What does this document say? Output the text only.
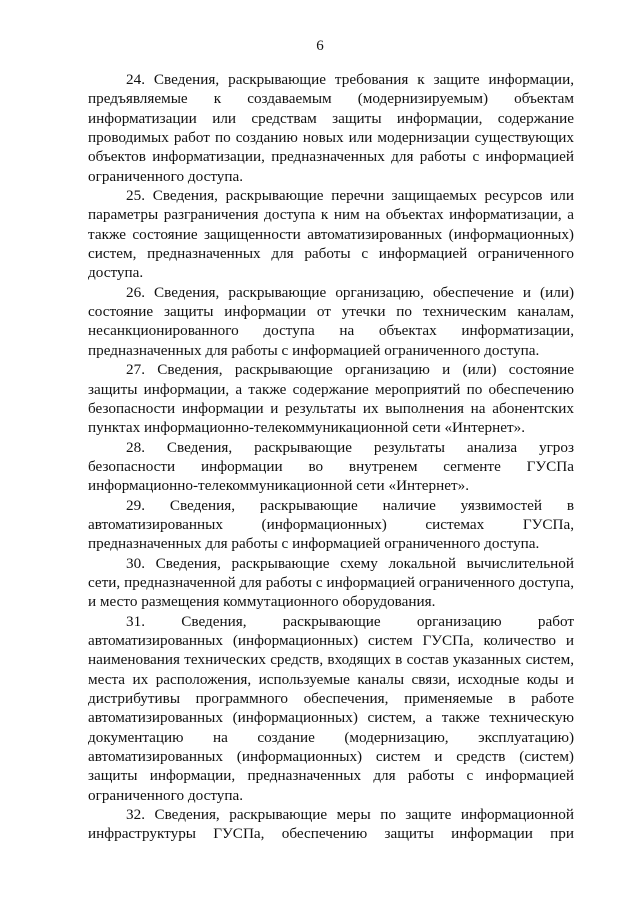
6

24. Сведения, раскрывающие требования к защите информации, предъявляемые к создаваемым (модернизируемым) объектам информатизации или средствам защиты информации, содержание проводимых работ по созданию новых или модернизации существующих объектов информатизации, предназначенных для работы с информацией ограниченного доступа.

25. Сведения, раскрывающие перечни защищаемых ресурсов или параметры разграничения доступа к ним на объектах информатизации, а также состояние защищенности автоматизированных (информационных) систем, предназначенных для работы с информацией ограниченного доступа.

26. Сведения, раскрывающие организацию, обеспечение и (или) состояние защиты информации от утечки по техническим каналам, несанкционированного доступа на объектах информатизации, предназначенных для работы с информацией ограниченного доступа.

27. Сведения, раскрывающие организацию и (или) состояние защиты информации, а также содержание мероприятий по обеспечению безопасности информации и результаты их выполнения на абонентских пунктах информационно-телекоммуникационной сети «Интернет».

28. Сведения, раскрывающие результаты анализа угроз безопасности информации во внутренем сегменте ГУСПа информационно-телекоммуникационной сети «Интернет».

29. Сведения, раскрывающие наличие уязвимостей в автоматизированных (информационных) системах ГУСПа, предназначенных для работы с информацией ограниченного доступа.

30. Сведения, раскрывающие схему локальной вычислительной сети, предназначенной для работы с информацией ограниченного доступа, и место размещения коммутационного оборудования.

31. Сведения, раскрывающие организацию работ автоматизированных (информационных) систем ГУСПа, количество и наименования технических средств, входящих в состав указанных систем, места их расположения, используемые каналы связи, исходные коды и дистрибутивы программного обеспечения, применяемые в работе автоматизированных (информационных) систем, а также техническую документацию на создание (модернизацию, эксплуатацию) автоматизированных (информационных) систем и средств (систем) защиты информации, предназначенных для работы с информацией ограниченного доступа.

32. Сведения, раскрывающие меры по защите информационной инфраструктуры ГУСПа, обеспечению защиты информации при
